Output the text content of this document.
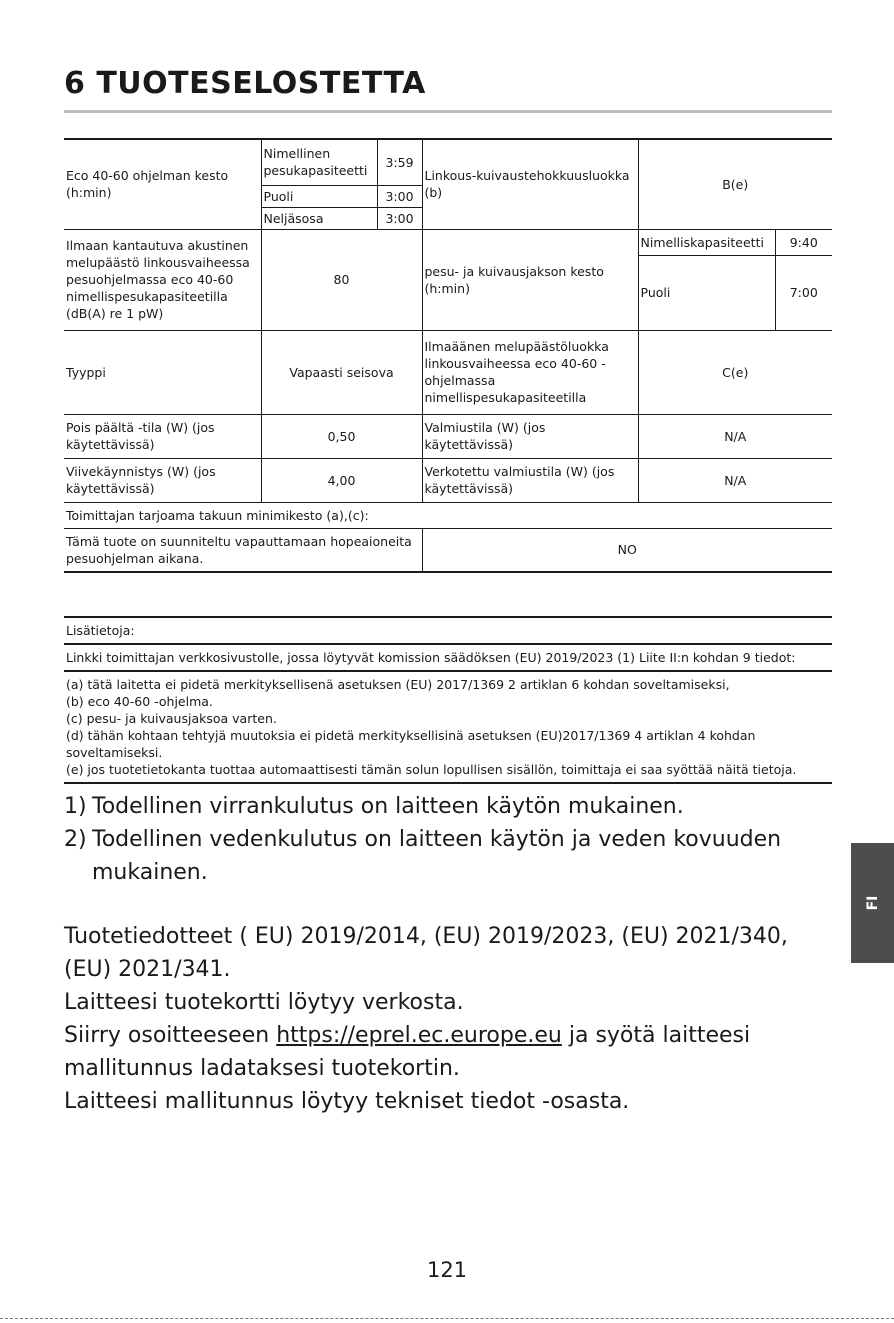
6 TUOTESELOSTETTA
Eco 40-60 ohjelman kesto (h:min)	Nimellinen pesukapasiteetti	3:59	Linkous-kuivaustehokkuusluokka (b)	B(e)	
	Puoli	3:00			
	Neljäsosa	3:00			
Ilmaan kantautuva akustinen melupäästö linkousvaiheessa pesuohjelmassa eco 40-60 nimellispesukapasiteetilla (dB(A) re 1 pW)	80		pesu- ja kuivausjakson kesto (h:min)	Nimelliskapasiteetti	9:40
				Puoli	7:00
Tyyppi	Vapaasti seisova		Ilmaäänen melupäästöluokka linkousvaiheessa eco 40-60 -ohjelmassa nimellispesukapasiteetilla	C(e)	
Pois päältä -tila (W) (jos käytettävissä)	0,50		Valmiustila (W) (jos käytettävissä)	N/A	
Viivekäynnistys (W) (jos käytettävissä)	4,00		Verkotettu valmiustila (W) (jos käytettävissä)	N/A	
Toimittajan tarjoama takuun minimikesto (a),(c):					
Tämä tuote on suunniteltu vapauttamaan hopeaioneita pesuohjelman aikana.			NO		
Lisätietoja:
Linkki toimittajan verkkosivustolle, jossa löytyvät komission säädöksen (EU) 2019/2023 (1) Liite II:n kohdan 9 tiedot:

(a) tätä laitetta ei pidetä merkityksellisenä asetuksen (EU) 2017/1369 2 artiklan 6 kohdan soveltamiseksi,

(b) eco 40-60 -ohjelma.

(c) pesu- ja kuivausjaksoa varten.

(d) tähän kohtaan tehtyjä muutoksia ei pidetä merkityksellisinä asetuksen (EU)2017/1369 4 artiklan 4 kohdan soveltamiseksi.

(e) jos tuotetietokanta tuottaa automaattisesti tämän solun lopullisen sisällön, toimittaja ei saa syöttää näitä tietoja.

1) Todellinen virrankulutus on laitteen käytön mukainen.
2) Todellinen vedenkulutus on laitteen käytön ja veden kovuuden mukainen.

Tuotetiedotteet ( EU) 2019/2014, (EU) 2019/2023, (EU) 2021/340, (EU) 2021/341.

Laitteesi tuotekortti löytyy verkosta.

Siirry osoitteeseen https://eprel.ec.europe.eu ja syötä laitteesi mallitunnus ladataksesi tuotekortin.

Laitteesi mallitunnus löytyy tekniset tiedot -osasta.

FI
121
